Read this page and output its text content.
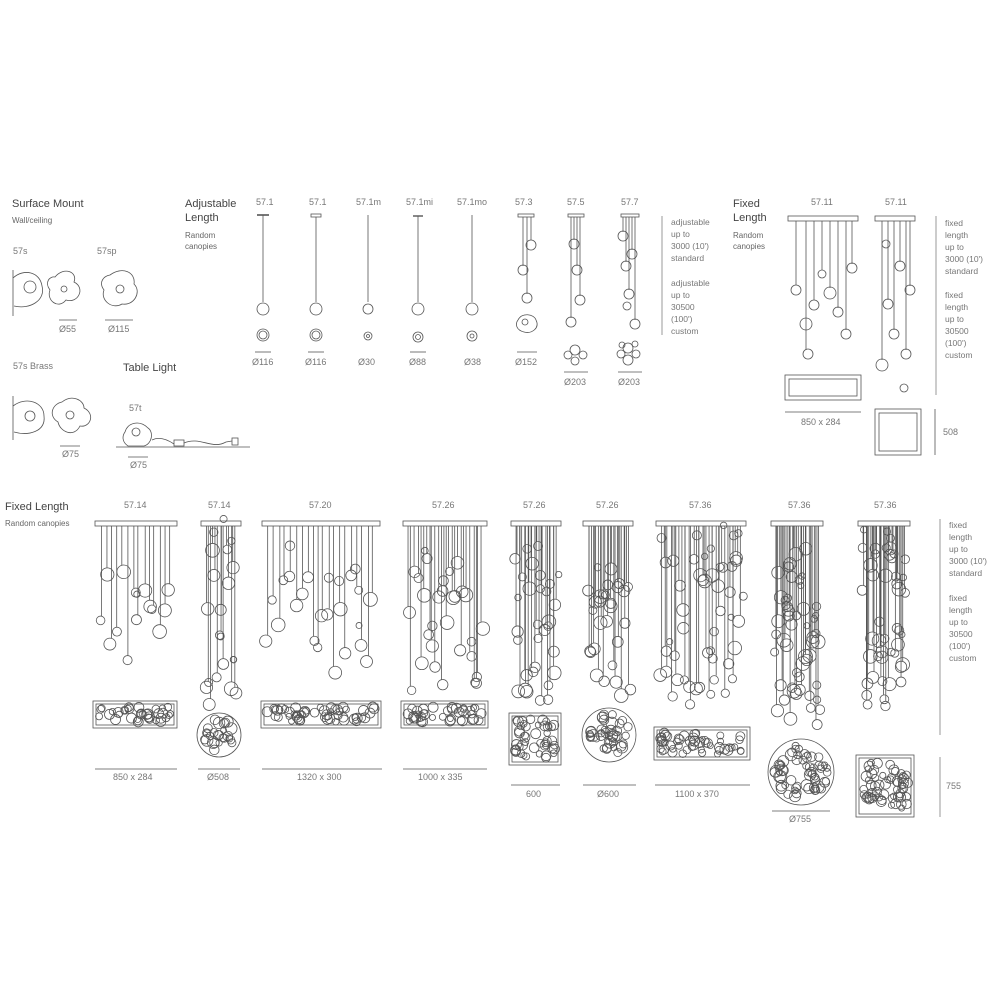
Surface Mount
Wall/ceiling
Adjustable
Length
Random
canopies
Fixed
Length
Random
canopies
Table Light
Fixed Length
Random canopies
57s	57sp
57s Brass
57t
Ø55	Ø115
Ø75
Ø75
57.1	57.1	57.1m	57.1mi	57.1mo	57.3	57.5	57.7
Ø116	Ø116	Ø30	Ø88	Ø38	Ø152
Ø203	Ø203
adjustable
up to
3000 (10')
standard
adjustable
up to
30500
(100')
custom
57.11	57.11
850 x 284
508
fixed
length
up to
3000 (10')
standard
fixed
length
up to
30500
(100')
custom
57.14	57.14	57.20	57.26	57.26	57.26	57.36	57.36	57.36
850 x 284	Ø508	1320 x 300	1000 x 335
600	Ø600	1100 x 370
Ø755
755
fixed
length
up to
3000 (10')
standard
fixed
length
up to
30500
(100')
custom
